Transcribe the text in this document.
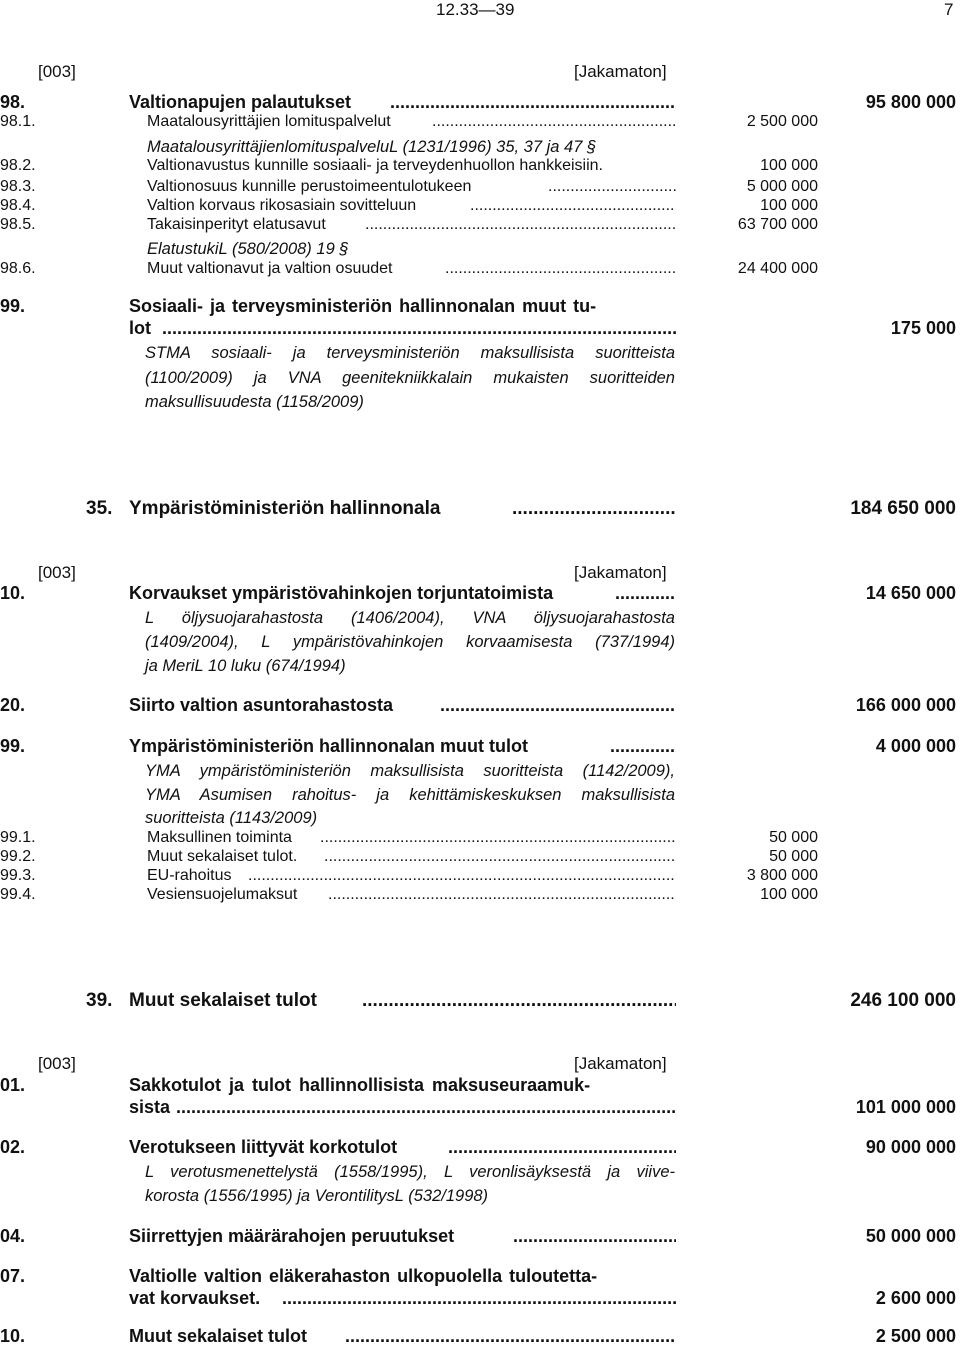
12.33—39	7
[003]	[Jakamaton]
98.	Valtionapujen palautukset .....	95 800 000
98.1.	Maatalousyrittäjien lomituspalvelut .....	2 500 000
MaatalousyrittäjienlomituspalveluL (1231/1996) 35, 37 ja 47 §
98.2.	Valtionavustus kunnille sosiaali- ja terveydenhuollon hankkeisiin.	100 000
98.3.	Valtionosuus kunnille perustoimeentulotukeen .....	5 000 000
98.4.	Valtion korvaus rikosasiain sovitteluun .....	100 000
98.5.	Takaisinperityt elatusavut .....	63 700 000
ElatustukiL (580/2008) 19 §
98.6.	Muut valtionavut ja valtion osuudet .....	24 400 000
99.	Sosiaali- ja terveysministeriön hallinnonalan muut tu-
lot .....	175 000
STMA sosiaali- ja terveysministeriön maksullisista suoritteista
(1100/2009) ja VNA geenitekniikkalain mukaisten suoritteiden
maksullisuudesta (1158/2009)
35. Ympäristöministeriön hallinnonala .....	184 650 000
[003]	[Jakamaton]
10.	Korvaukset ympäristövahinkojen torjuntatoimista .....	14 650 000
L öljysuojarahastosta (1406/2004), VNA öljysuojarahastosta
(1409/2004), L ympäristövahinkojen korvaamisesta (737/1994)
ja MeriL 10 luku (674/1994)
20.	Siirto valtion asuntorahastosta .....	166 000 000
99.	Ympäristöministeriön hallinnonalan muut tulot .....	4 000 000
YMA ympäristöministeriön maksullisista suoritteista (1142/2009),
YMA Asumisen rahoitus- ja kehittämiskeskuksen maksullisista
suoritteista (1143/2009)
99.1.	Maksullinen toiminta .....	50 000
99.2.	Muut sekalaiset tulot. .....	50 000
99.3.	EU-rahoitus .....	3 800 000
99.4.	Vesiensuojelumaksut .....	100 000
39. Muut sekalaiset tulot .....	246 100 000
[003]	[Jakamaton]
01.	Sakkotulot ja tulot hallinnollisista maksuseuraamuk-
sista .....	101 000 000
02.	Verotukseen liittyvät korkotulot .....	90 000 000
L verotusmenettelystä (1558/1995), L veronlisäyksestä ja viive-
korosta (1556/1995) ja VerontilitysL (532/1998)
04.	Siirrettyjen määrärahojen peruutukset .....	50 000 000
07.	Valtiolle valtion eläkerahaston ulkopuolella tuloutetta-
vat korvaukset. .....	2 600 000
10.	Muut sekalaiset tulot .....	2 500 000
